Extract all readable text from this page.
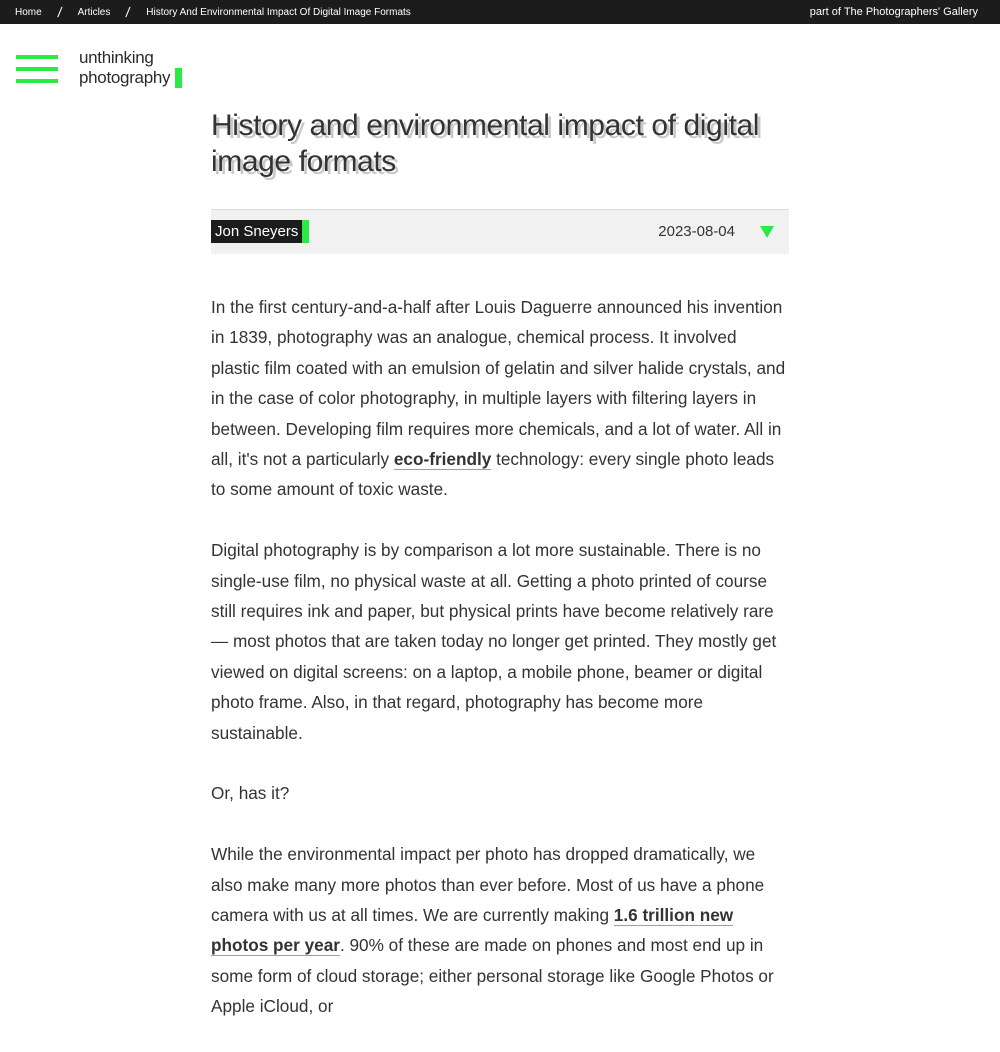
Home / Articles / History And Environmental Impact Of Digital Image Formats	part of The Photographers' Gallery
unthinking
photography
History and environmental impact of digital image formats
Jon Sneyers	2023-08-04

In the first century-and-a-half after Louis Daguerre announced his invention in 1839, photography was an analogue, chemical process. It involved plastic film coated with an emulsion of gelatin and silver halide crystals, and in the case of color photography, in multiple layers with filtering layers in between. Developing film requires more chemicals, and a lot of water. All in all, it's not a particularly eco-friendly technology: every single photo leads to some amount of toxic waste.

Digital photography is by comparison a lot more sustainable. There is no single-use film, no physical waste at all. Getting a photo printed of course still requires ink and paper, but physical prints have become relatively rare — most photos that are taken today no longer get printed. They mostly get viewed on digital screens: on a laptop, a mobile phone, beamer or digital photo frame. Also, in that regard, photography has become more sustainable.

Or, has it?

While the environmental impact per photo has dropped dramatically, we also make many more photos than ever before. Most of us have a phone camera with us at all times. We are currently making 1.6 trillion new photos per year. 90% of these are made on phones and most end up in some form of cloud storage; either personal storage like Google Photos or Apple iCloud, or
